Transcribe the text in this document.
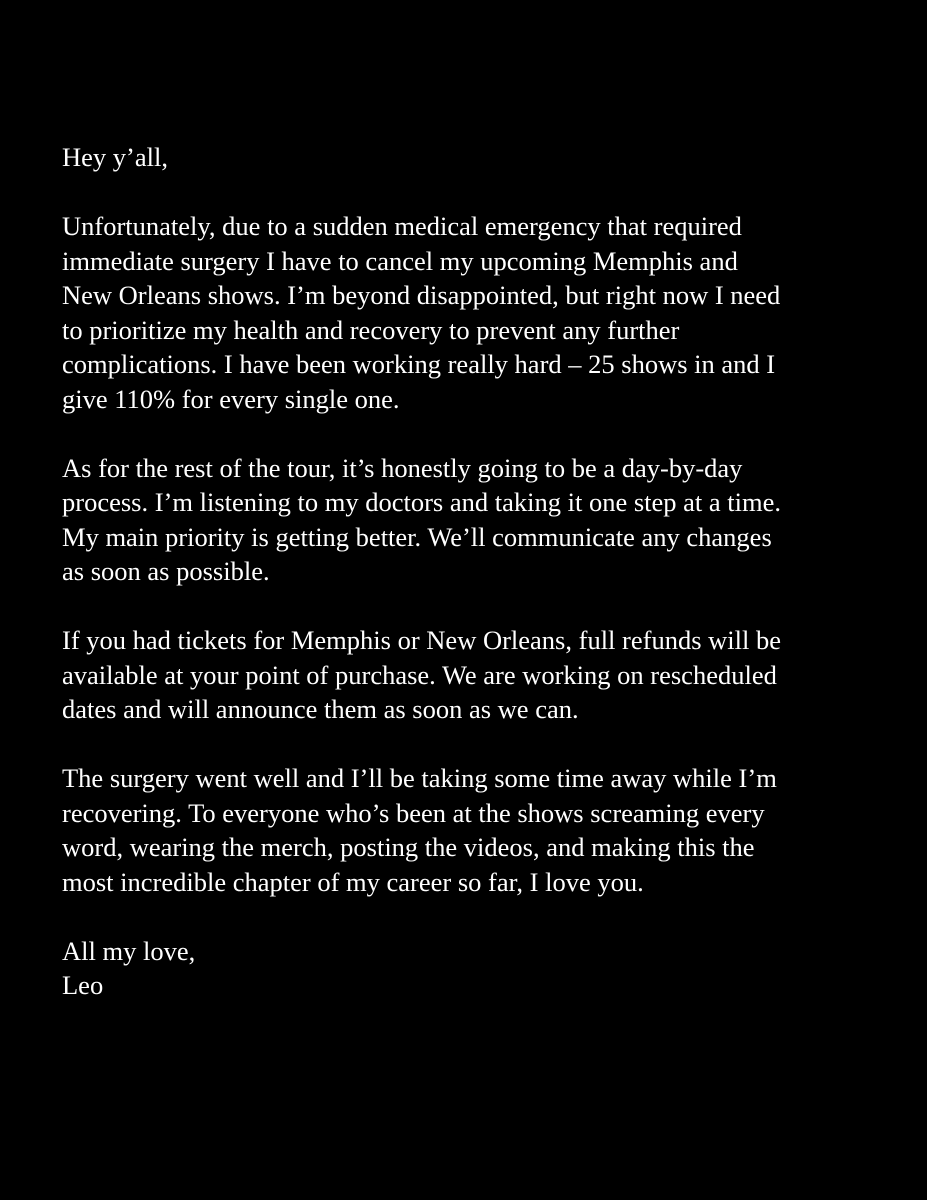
Hey y’all,

Unfortunately, due to a sudden medical emergency that required
immediate surgery I have to cancel my upcoming Memphis and
New Orleans shows. I’m beyond disappointed, but right now I need
to prioritize my health and recovery to prevent any further
complications. I have been working really hard – 25 shows in and I
give 110% for every single one.

As for the rest of the tour, it’s honestly going to be a day-by-day
process. I’m listening to my doctors and taking it one step at a time.
My main priority is getting better. We’ll communicate any changes
as soon as possible.

If you had tickets for Memphis or New Orleans, full refunds will be
available at your point of purchase. We are working on rescheduled
dates and will announce them as soon as we can.

The surgery went well and I’ll be taking some time away while I’m
recovering. To everyone who’s been at the shows screaming every
word, wearing the merch, posting the videos, and making this the
most incredible chapter of my career so far, I love you.

All my love,
Leo
